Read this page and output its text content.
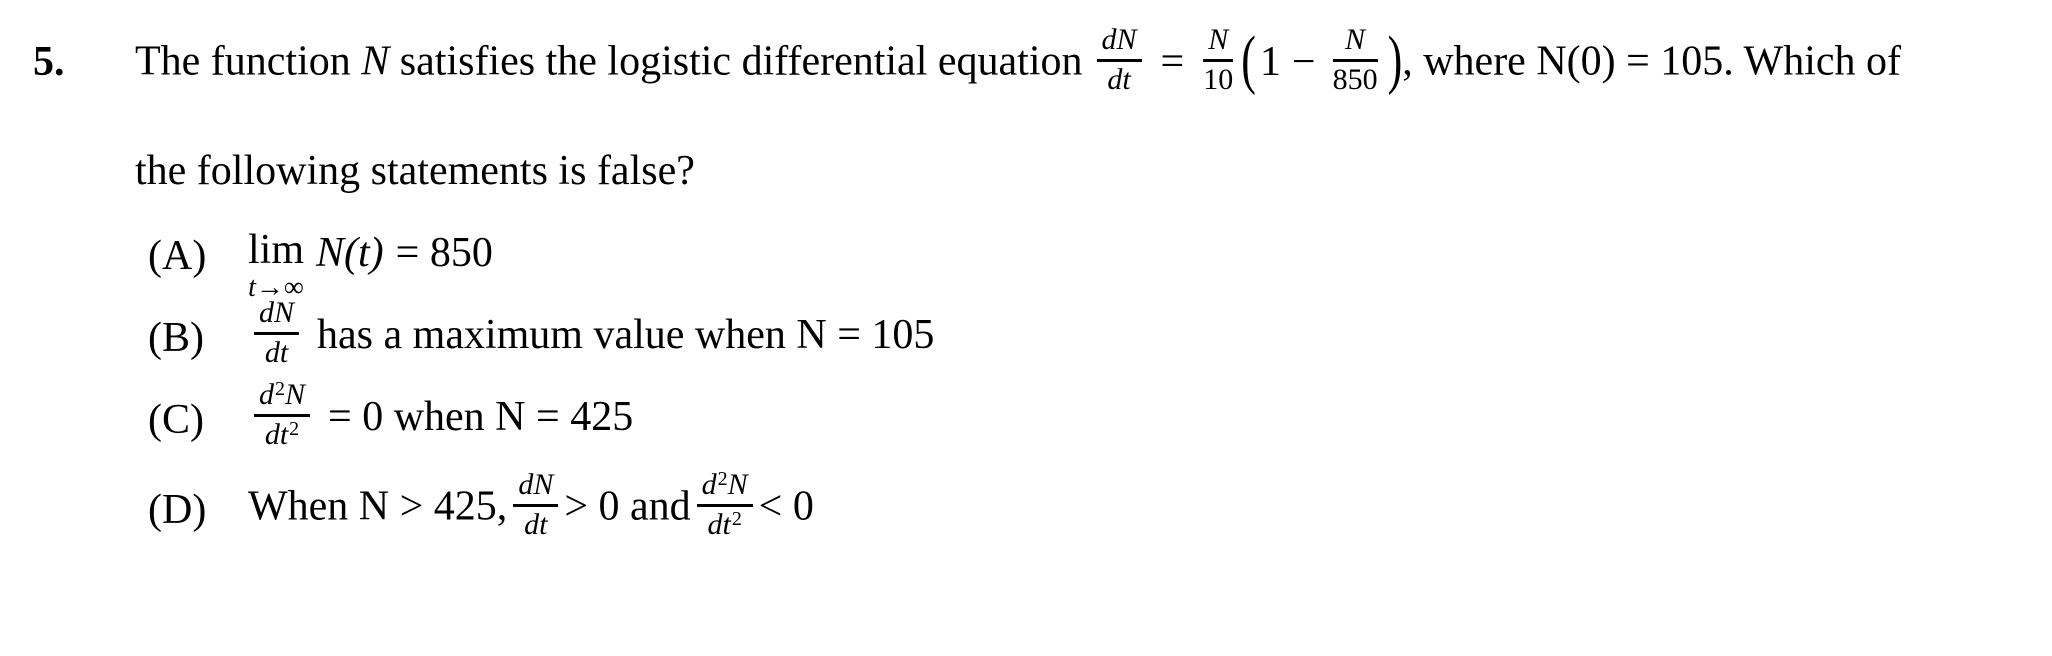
5.	The function N satisfies the logistic differential equation $\frac{dN}{dt} = \frac{N}{10} (1 - \frac{N}{850}$ ), where N(0) = 105. Which of
the following statements is false?
(A) lim
t→∞
N(t) = 850
$(B) \frac{dN}{dt}$ has a maximum value when N = 105
$(C) \frac{d^2N}{dt^2} = 0$ when N = 425
(D) When N > 425, $\frac{dN}{dt} > 0$ and $\frac{d^2N}{dt^2} < 0$
